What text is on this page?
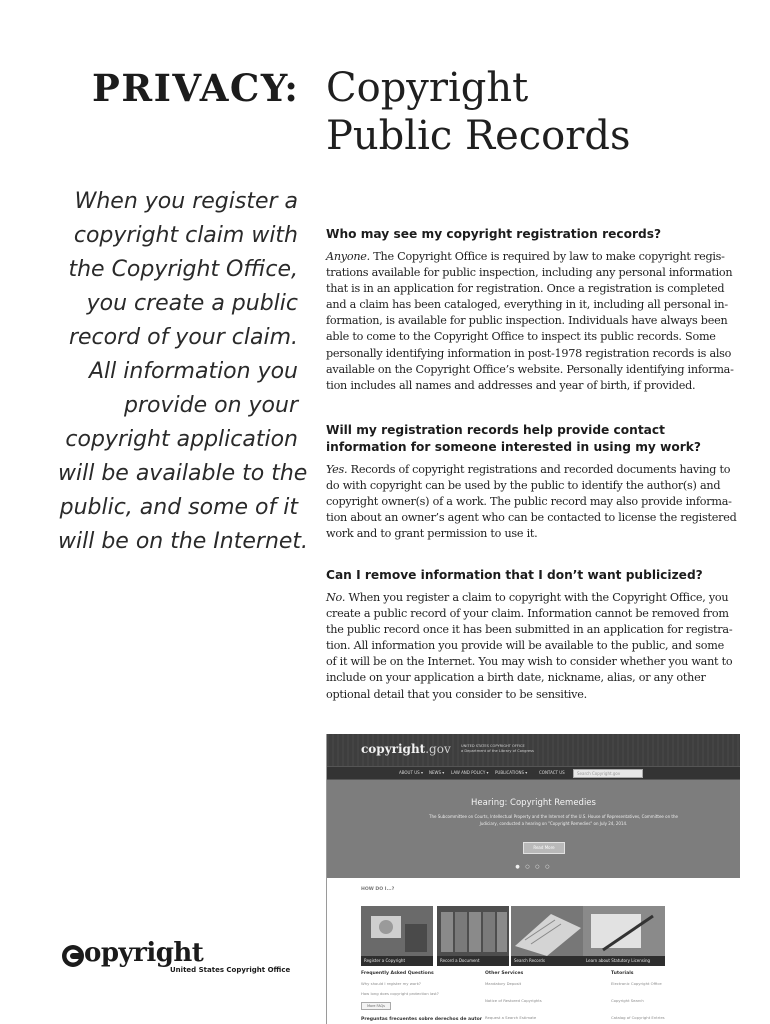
PRIVACY: Copyright
Public Records
When you register a
copyright claim with
the Copyright Office,
you create a public
record of your claim.
All information you
provide on your
copyright application
will be available to the
public, and some of it
will be on the Internet.
Who may see my copyright registration records?

Anyone. The Copyright Office is required by law to make copyright regis-
trations available for public inspection, including any personal information
that is in an application for registration. Once a registration is completed
and a claim has been cataloged, everything in it, including all personal in-
formation, is available for public inspection. Individuals have always been
able to come to the Copyright Office to inspect its public records. Some
personally identifying information in post-1978 registration records is also
available on the Copyright Office’s website. Personally identifying informa-
tion includes all names and addresses and year of birth, if provided.

Will my registration records help provide contact
information for someone interested in using my work?

Yes. Records of copyright registrations and recorded documents having to
do with copyright can be used by the public to identify the author(s) and
copyright owner(s) of a work. The public record may also provide informa-
tion about an owner’s agent who can be contacted to license the registered
work and to grant permission to use it.

Can I remove information that I don’t want publicized?

No. When you register a claim to copyright with the Copyright Office, you
create a public record of your claim. Information cannot be removed from
the public record once it has been submitted in an application for registra-
tion. All information you provide will be available to the public, and some
of it will be on the Internet. You may wish to consider whether you want to
include on your application a birth date, nickname, alias, or any other
optional detail that you consider to be sensitive.

copyright.gov	UNITED STATES COPYRIGHT OFFICE
a Department of the Library of Congress
ABOUT US ▾ NEWS ▾ LAW AND POLICY ▾ PUBLICATIONS ▾	CONTACT US	Search Copyright.gov
Hearing: Copyright Remedies
The Subcommittee on Courts, Intellectual Property and the Internet of the U.S. House of Representatives, Committee on the Judiciary, conducted a hearing on "Copyright Remedies" on July 24, 2014.
Read More
● ○ ○ ○
HOW DO I...?
Register a Copyright	Record a Document	Search Records	Learn about Statutory Licensing
Frequently Asked Questions
Why should I register my work?
How long does copyright protection last?
More FAQs
Preguntas frecuentes sobre derechos de autor
Other Services
Mandatory Deposit
Notice of Restored Copyrights
Request a Search Estimate
Tutorials
Electronic Copyright Office
Copyright Search
Catalog of Copyright Entries
opyright
United States Copyright Office
